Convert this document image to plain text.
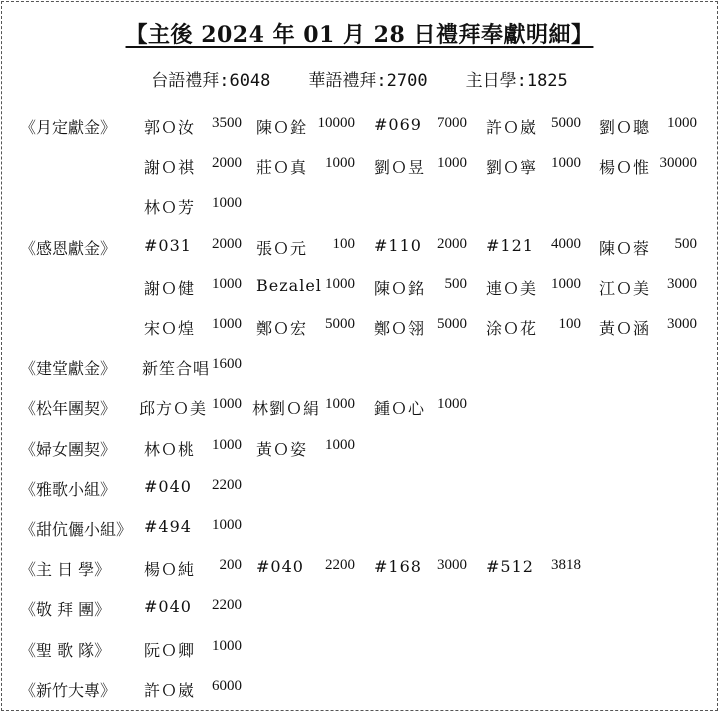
【主後 2024 年 01 月 28 日禮拜奉獻明細】
台語禮拜:6048 華語禮拜:2700 主日學:1825
《月定獻金》 郭Ｏ汝 3500 陳Ｏ銓 10000 #069 7000 許Ｏ崴 5000 劉Ｏ聰 1000
謝Ｏ祺 2000 莊Ｏ真 1000 劉Ｏ昱 1000 劉Ｏ寧 1000 楊Ｏ惟 30000
林Ｏ芳 1000
《感恩獻金》 #031 2000 張Ｏ元 100 #110 2000 #121 4000 陳Ｏ蓉 500
謝Ｏ健 1000 Bezalel 1000 陳Ｏ銘 500 連Ｏ美 1000 江Ｏ美 3000
宋Ｏ煌 1000 鄭Ｏ宏 5000 鄭Ｏ翎 5000 涂Ｏ花 100 黃Ｏ涵 3000
《建堂獻金》 新笙合唱 1600
《松年團契》 邱方Ｏ美 1000 林劉Ｏ絹 1000 鍾Ｏ心 1000
《婦女團契》 林Ｏ桃 1000 黃Ｏ姿 1000
《雅歌小組》 #040 2200
《甜伉儷小組》 #494 1000
《主 日 學》 楊Ｏ純 200 #040 2200 #168 3000 #512 3818
《敬 拜 團》 #040 2200
《聖 歌 隊》 阮Ｏ卿 1000
《新竹大專》 許Ｏ崴 6000
